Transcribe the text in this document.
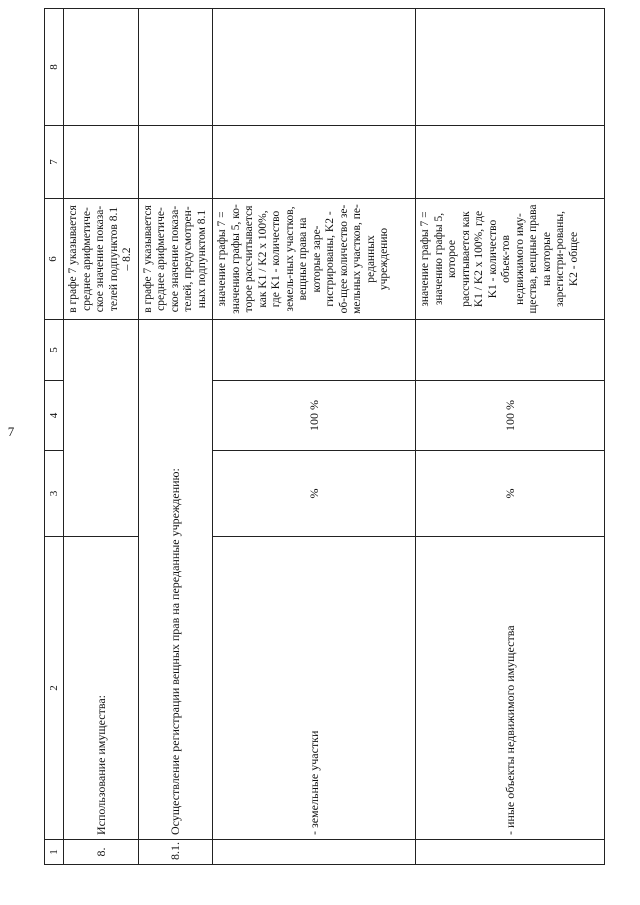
7
1	2	3	4	5	6	7	8
8.	Использование имущества:				в графе 7 указывается среднее арифметиче-ское значение показа-телей подпунктов 8.1 – 8.2		
8.1.	Осуществление регистрации вещных прав на переданные учреждению:				в графе 7 указывается среднее арифметиче-ское значение показа-телей, предусмотрен-ных подпунктом 8.1		
	- земельные участки	%	100 %		значение графы 7 = значению графы 5, ко-торое рассчитывается как K1 / K2 x 100%, где K1 - количество земель-ных участков, вещные права на которые заре-гистрированы, K2 - об-щее количество зе-мельных участков, пе-реданных учреждению		
	- иные объекты недвижимого имущества	%	100 %		значение графы 7 = значению графы 5, которое рассчитывается как K1 / K2 x 100%, где K1 - количество объек-тов недвижимого иму-щества, вещные права на которые зарегистри-рованы, K2 - общее		
